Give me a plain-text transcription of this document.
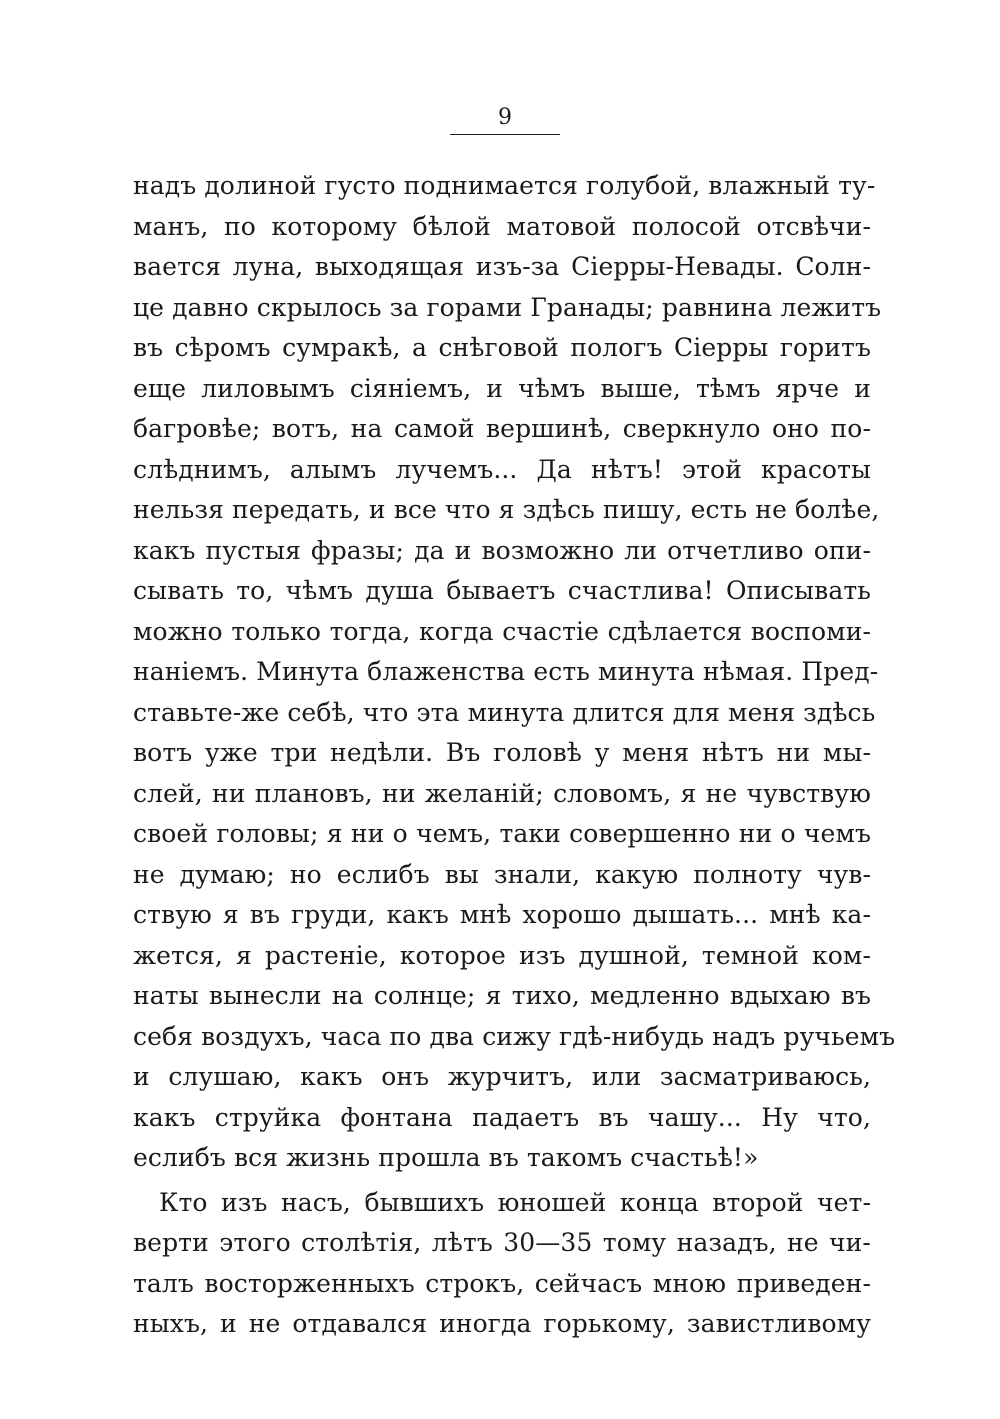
9
надъ долиной густо поднимается голубой, влажный ту-
манъ, по которому бѣлой матовой полосой отсвѣчи-
вается луна, выходящая изъ-за Сіерры-Невады. Солн-
це давно скрылось за горами Гранады; равнина лежитъ
въ сѣромъ сумракѣ, а снѣговой пологъ Сіерры горитъ
еще лиловымъ сіяніемъ, и чѣмъ выше, тѣмъ ярче и
багровѣе; вотъ, на самой вершинѣ, сверкнуло оно по-
слѣднимъ, алымъ лучемъ... Да нѣтъ! этой красоты
нельзя передать, и все что я здѣсь пишу, есть не болѣе,
какъ пустыя фразы; да и возможно ли отчетливо опи-
сывать то, чѣмъ душа бываетъ счастлива! Описывать
можно только тогда, когда счастіе сдѣлается воспоми-
наніемъ. Минута блаженства есть минута нѣмая. Пред-
ставьте-же себѣ, что эта минута длится для меня здѣсь
вотъ уже три недѣли. Въ головѣ у меня нѣтъ ни мы-
слей, ни плановъ, ни желаній; словомъ, я не чувствую
своей головы; я ни о чемъ, таки совершенно ни о чемъ
не думаю; но еслибъ вы знали, какую полноту чув-
ствую я въ груди, какъ мнѣ хорошо дышать... мнѣ ка-
жется, я растеніе, которое изъ душной, темной ком-
наты вынесли на солнце; я тихо, медленно вдыхаю въ
себя воздухъ, часа по два сижу гдѣ-нибудь надъ ручьемъ
и слушаю, какъ онъ журчитъ, или засматриваюсь,
какъ струйка фонтана падаетъ въ чашу... Ну что,
еслибъ вся жизнь прошла въ такомъ счастьѣ!»
Кто изъ насъ, бывшихъ юношей конца второй чет-
верти этого столѣтія, лѣтъ 30—35 тому назадъ, не чи-
талъ восторженныхъ строкъ, сейчасъ мною приведен-
ныхъ, и не отдавался иногда горькому, завистливому
